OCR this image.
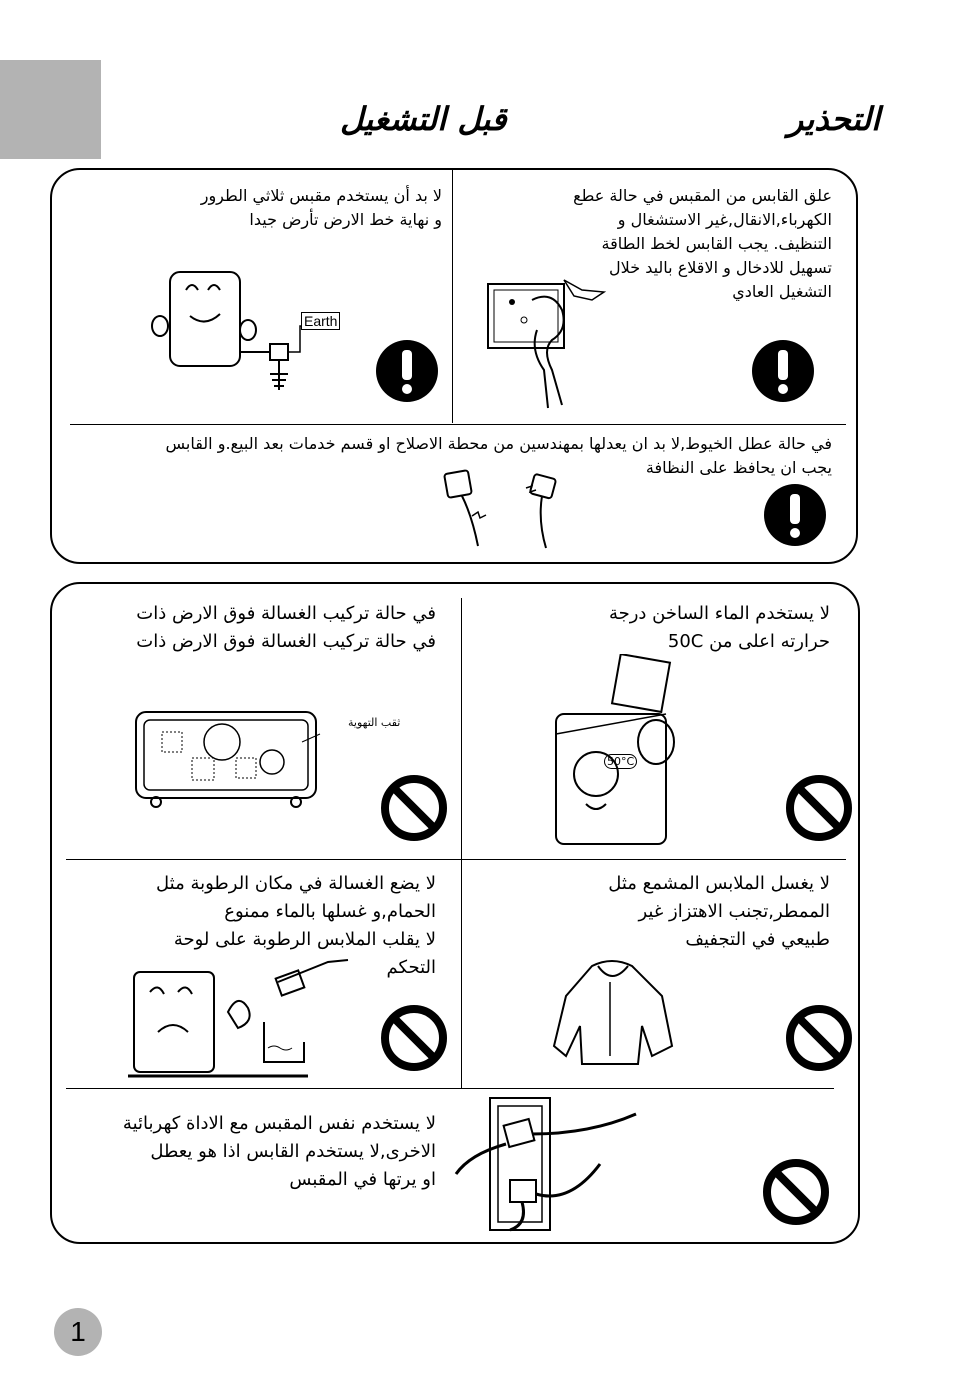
قبل التشغيل	التحذير
علق القابس من المقبس في حالة عطع
الكهرباء,الانقال,غير الاستشغال و
التنظيف. يجب القابس لخط الطاقة
تسهيل للادخال و الاقلاع باليد خلال
التشغيل العادي
لا بد أن يستخدم مقبس ثلاثي الطرور
و نهاية خط الارض تأرض جيدا
Earth
في حالة عطل الخيوط,لا بد ان يعدلها بمهندسين من محطة الاصلاح او قسم خدمات بعد البيع.و القابس
يجب ان يحافظ على النظافة
لا يستخدم الماء الساخن درجة
حرارته اعلى من 50C
50°C
في حالة تركيب الغسالة فوق الارض ذات
في حالة تركيب الغسالة فوق الارض ذات
ثقب التهوية
لا يغسل الملابس المشمع مثل
الممطر,تجنب الاهتزاز غير
طبيعي في التجفيف
لا يضع الغسالة في مكان الرطوبة مثل
الحمام,و غسلها بالماء ممنوع
لا يقلب الملابس الرطوبة على لوحة
التحكم
لا يستخدم نفس المقبس مع الاداة كهربائية
الاخرى,لا يستخدم القابس اذا هو يعطل
او يرتها في المقبس
1
